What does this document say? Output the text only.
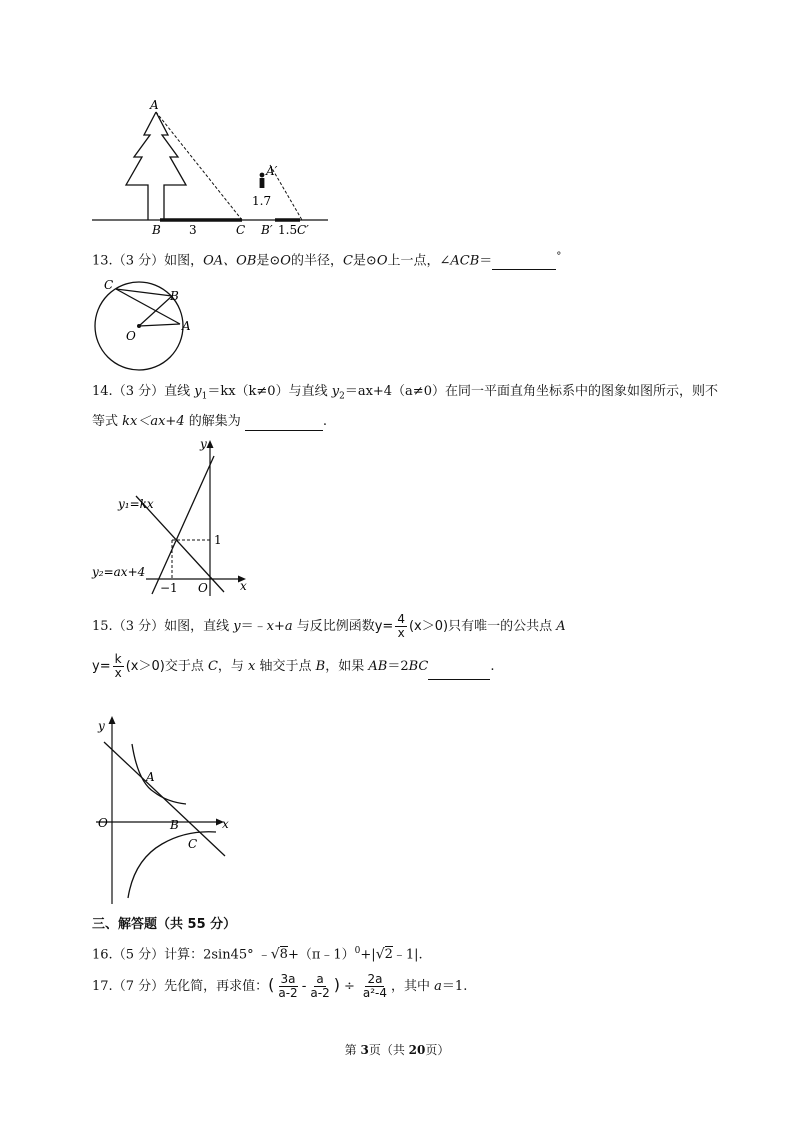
A
B	C
3
A′
1.7
B′ 1.5 C′
13.（3 分）如图，OA、OB是⊙O的半径，C是⊙O上一点，∠ACB＝	°
C
B
O
A
14.（3 分）直线 $y_1=kx(k\ne 0)$与直线 $y_2=ax+4(a\ne 0)$在同一平面直角坐标系中的图象如图所示，则不
等式 kx＜ax+4 的解集为	.
y
x
O
1
−1
y₁=kx
y₂=ax+4
15.（3 分）如图，直线 y＝﹣x+a 与反比例函数$y= \frac{4}{x} (x>0)$只有唯一的公共点 A
$y= \frac{k}{x} (x>0)$交于点 C，与 x 轴交于点 B，如果 AB＝2BC	.
y
x
O
A
B
C
三、解答题（共 55 分）
16.（5 分）计算：2sin45° ﹣√8+（π﹣1）$^0$+|√2﹣1|.
17.（7 分）先化简，再求值：( $\frac{3a}{a-2} - \frac{a}{a-2}$ ) ÷ $\frac{2a}{\text{a²-4}}$ ，其中 a＝1.
第 3页（共 20页）
